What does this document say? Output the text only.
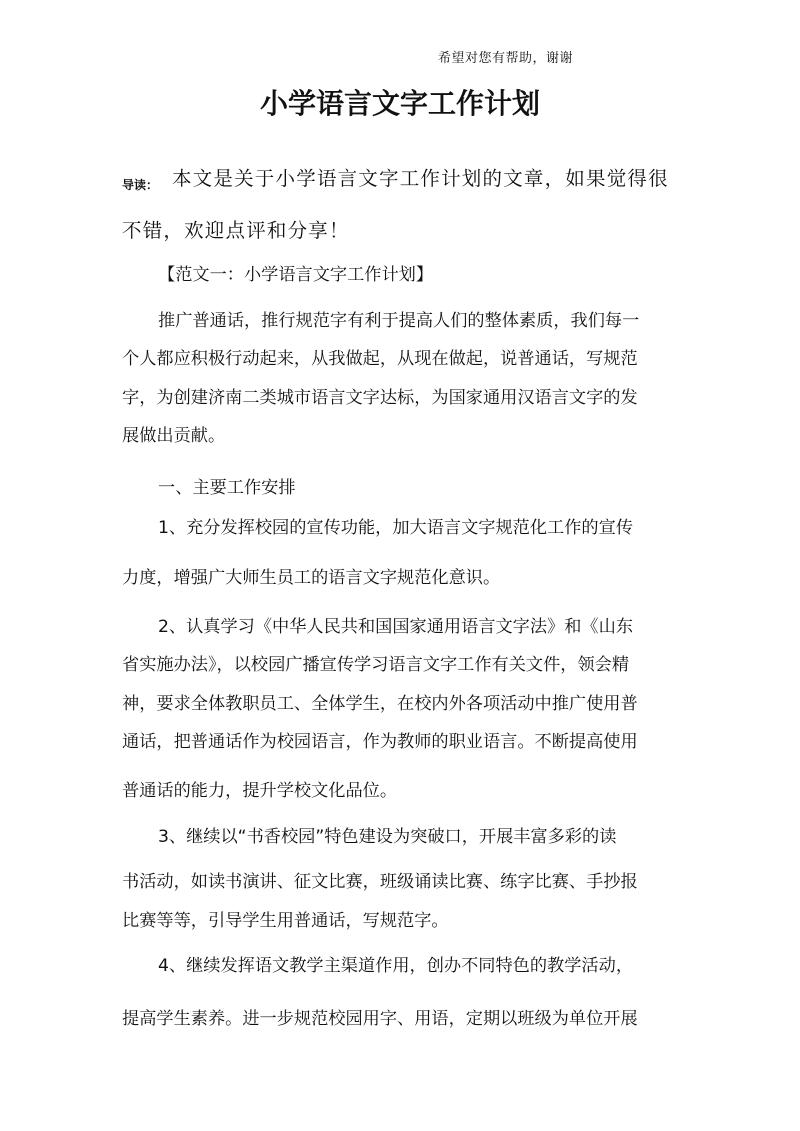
希望对您有帮助，谢谢
小学语言文字工作计划
导读： 本文是关于小学语言文字工作计划的文章，如果觉得很
不错，欢迎点评和分享！
【范文一：小学语言文字工作计划】
推广普通话，推行规范字有利于提高人们的整体素质，我们每一
个人都应积极行动起来，从我做起，从现在做起，说普通话，写规范
字，为创建济南二类城市语言文字达标，为国家通用汉语言文字的发
展做出贡献。
一、主要工作安排
1、充分发挥校园的宣传功能，加大语言文字规范化工作的宣传
力度，增强广大师生员工的语言文字规范化意识。
2、认真学习《中华人民共和国国家通用语言文字法》和《山东
省实施办法》，以校园广播宣传学习语言文字工作有关文件，领会精
神，要求全体教职员工、全体学生，在校内外各项活动中推广使用普
通话，把普通话作为校园语言，作为教师的职业语言。不断提高使用
普通话的能力，提升学校文化品位。
3、继续以“书香校园”特色建设为突破口，开展丰富多彩的读
书活动，如读书演讲、征文比赛，班级诵读比赛、练字比赛、手抄报
比赛等等，引导学生用普通话，写规范字。
4、继续发挥语文教学主渠道作用，创办不同特色的教学活动，
提高学生素养。进一步规范校园用字、用语，定期以班级为单位开展
